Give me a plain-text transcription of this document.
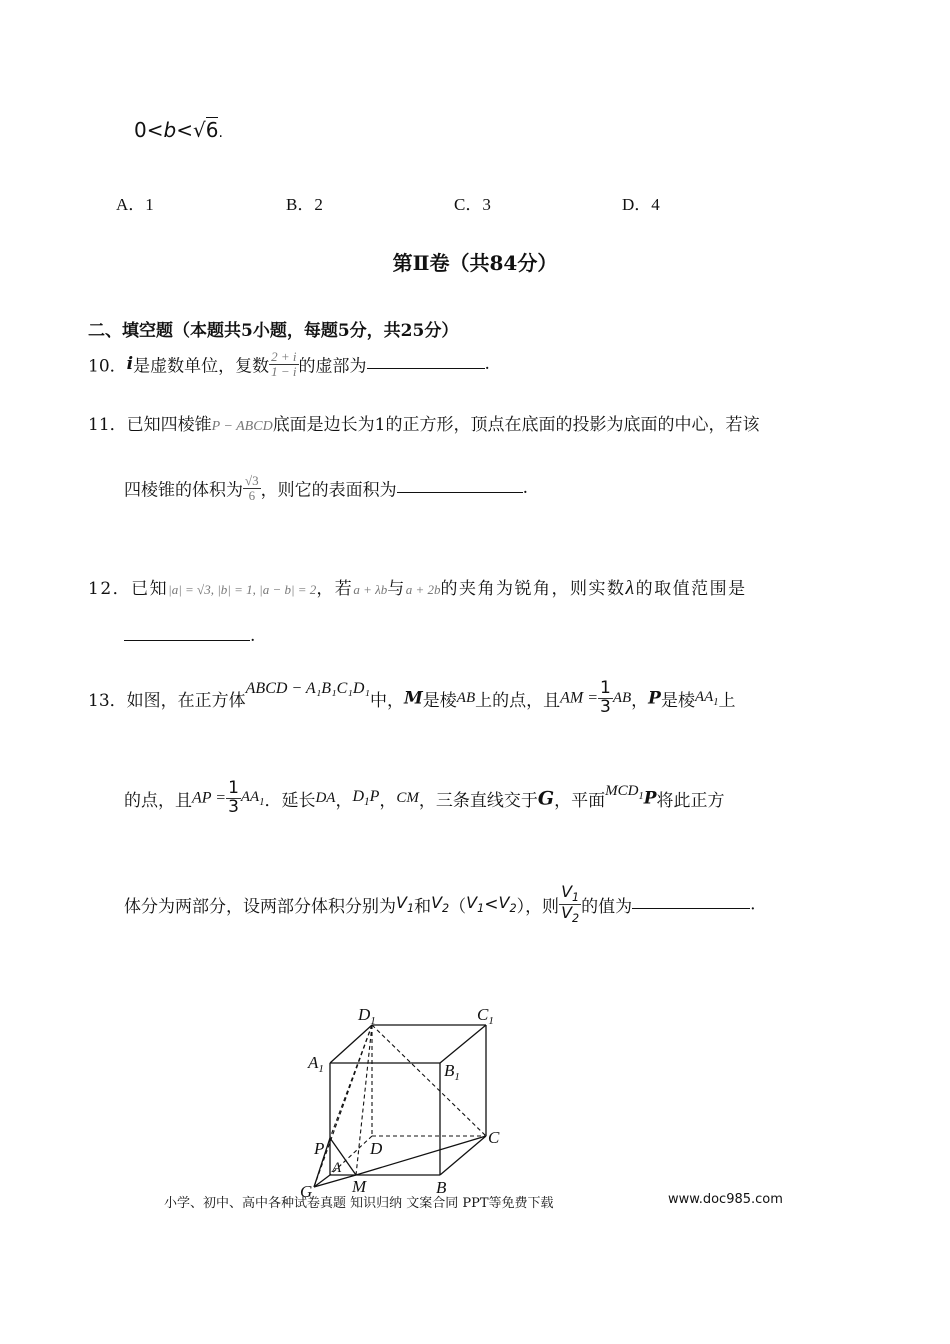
0<b<√6.
A．1	B．2	C．3	D．4
第Ⅱ卷（共84分）
二、填空题（本题共5小题，每题5分，共25分）
10．i是虚数单位，复数 $\frac{2 + i}{1 - i}$ 的虚部为	.
11．已知四棱锥P − ABCD底面是边长为1的正方形，顶点在底面的投影为底面的中心，若该
四棱锥的体积为 $\frac{√3}{6}$ ，则它的表面积为	.
12．已知|a| = √3, |b| = 1, |a − b| = 2，若a + λb与a + 2b的夹角为锐角，则实数λ的取值范围是
.
13．如图，在正方体ABCD − A₁B₁C₁D₁中，M是棱AB上的点，且AM = $\frac{1}{3}$ AB，P是棱$AA_1$上
的点，且AP = $\frac{1}{3} AA_1$．延长DA，$D_1P$，CM，三条直线交于G，平面$MCD_1P$将此正方
体分为两部分，设两部分体积分别为$V_1$和$V_2(V_1<V_2)$，则 $\frac{V_1}{V_2}$ 的值为	.
$D_1$	$C_1$
$A_1$	$B_1$
P
A
D
C
G M	B
小学、初中、高中各种试卷真题 知识归纳 文案合同 PPT等免费下载	www.doc985.com
